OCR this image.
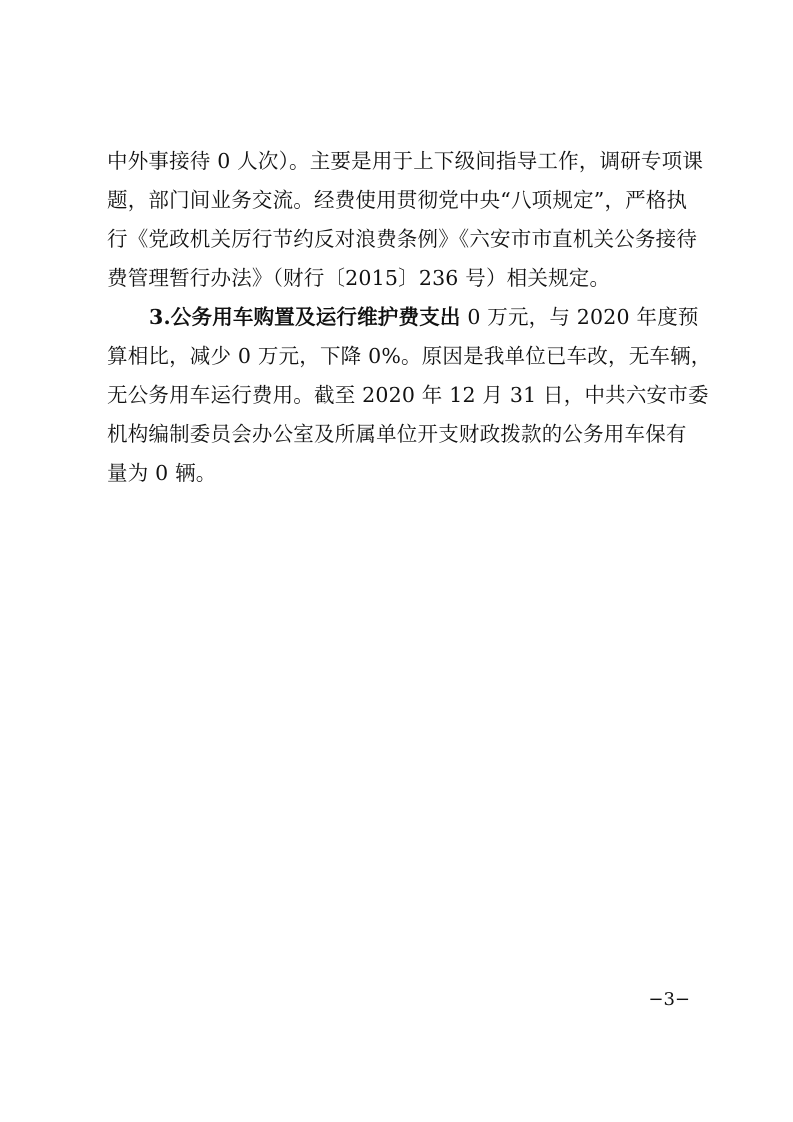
中外事接待 0 人次）。主要是用于上下级间指导工作，调研专项课
题，部门间业务交流。经费使用贯彻党中央“八项规定”，严格执
行《党政机关厉行节约反对浪费条例》《六安市市直机关公务接待
费管理暂行办法》（财行〔2015〕236 号）相关规定。
3.公务用车购置及运行维护费支出 0 万元，与 2020 年度预
算相比，减少 0 万元，下降 0%。原因是我单位已车改，无车辆，
无公务用车运行费用。截至 2020 年 12 月 31 日，中共六安市委
机构编制委员会办公室及所属单位开支财政拨款的公务用车保有
量为 0 辆。
−3−
